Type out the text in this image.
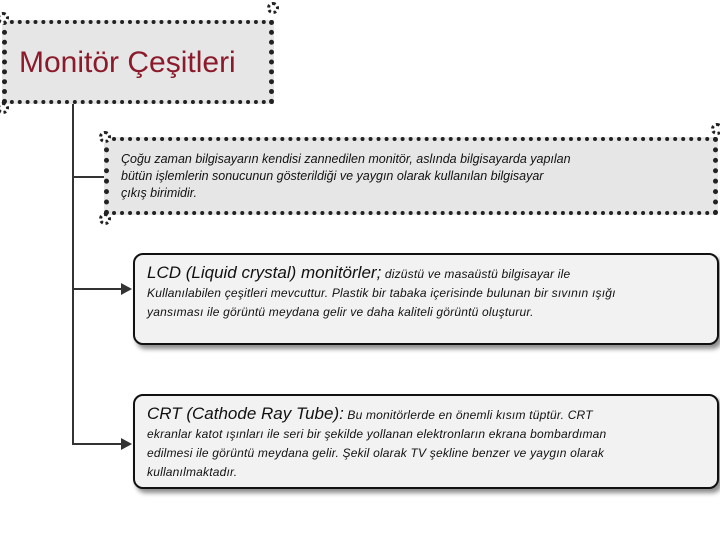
Monitör Çeşitleri
Çoğu zaman bilgisayarın kendisi zannedilen monitör, aslında bilgisayarda yapılan
bütün işlemlerin sonucunun gösterildiği ve yaygın olarak kullanılan bilgisayar
çıkış birimidir.

LCD (Liquid crystal) monitörler; dizüstü ve masaüstü bilgisayar ile

Kullanılabilen çeşitleri mevcuttur. Plastik bir tabaka içerisinde bulunan bir sıvının ışığı

yansıması ile görüntü meydana gelir ve daha kaliteli görüntü oluşturur.

CRT (Cathode Ray Tube): Bu monitörlerde en önemli kısım tüptür. CRT

ekranlar katot ışınları ile seri bir şekilde yollanan elektronların ekrana bombardıman

edilmesi ile görüntü meydana gelir. Şekil olarak TV şekline benzer ve yaygın olarak

kullanılmaktadır.
